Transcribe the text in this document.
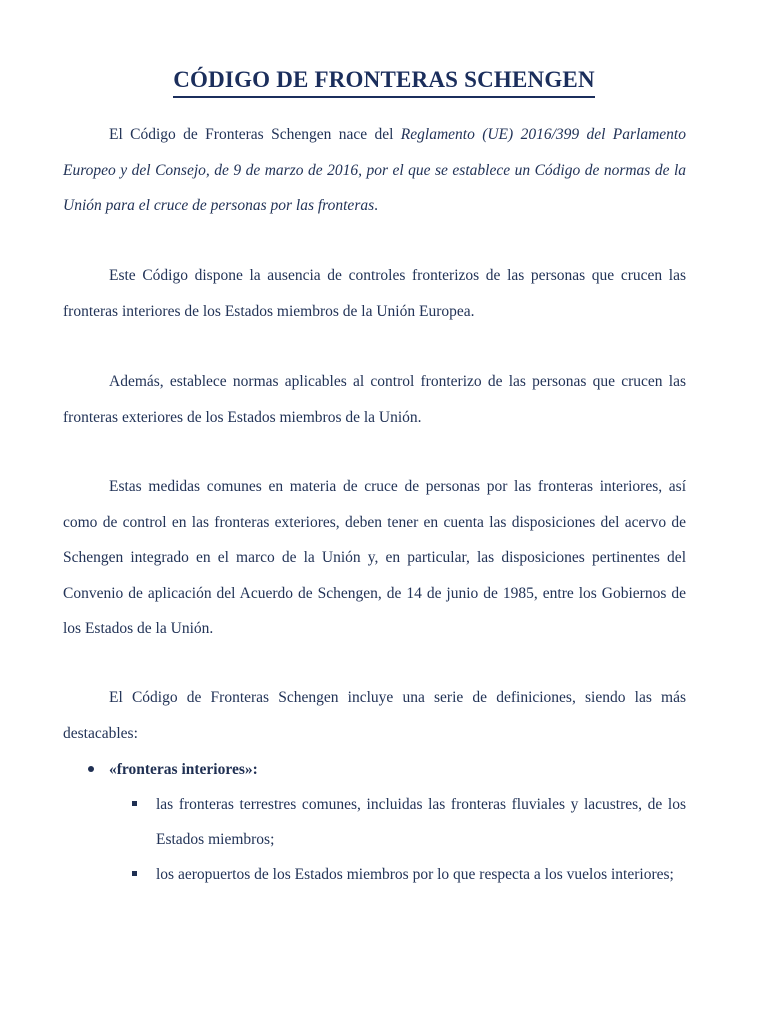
CÓDIGO DE FRONTERAS SCHENGEN

El Código de Fronteras Schengen nace del Reglamento (UE) 2016/399 del Parlamento Europeo y del Consejo, de 9 de marzo de 2016, por el que se establece un Código de normas de la Unión para el cruce de personas por las fronteras.

Este Código dispone la ausencia de controles fronterizos de las personas que crucen las fronteras interiores de los Estados miembros de la Unión Europea.

Además, establece normas aplicables al control fronterizo de las personas que crucen las fronteras exteriores de los Estados miembros de la Unión.

Estas medidas comunes en materia de cruce de personas por las fronteras interiores, así como de control en las fronteras exteriores, deben tener en cuenta las disposiciones del acervo de Schengen integrado en el marco de la Unión y, en particular, las disposiciones pertinentes del Convenio de aplicación del Acuerdo de Schengen, de 14 de junio de 1985, entre los Gobiernos de los Estados de la Unión.

El Código de Fronteras Schengen incluye una serie de definiciones, siendo las más destacables:

«fronteras interiores»:

las fronteras terrestres comunes, incluidas las fronteras fluviales y lacustres, de los Estados miembros;

los aeropuertos de los Estados miembros por lo que respecta a los vuelos interiores;
